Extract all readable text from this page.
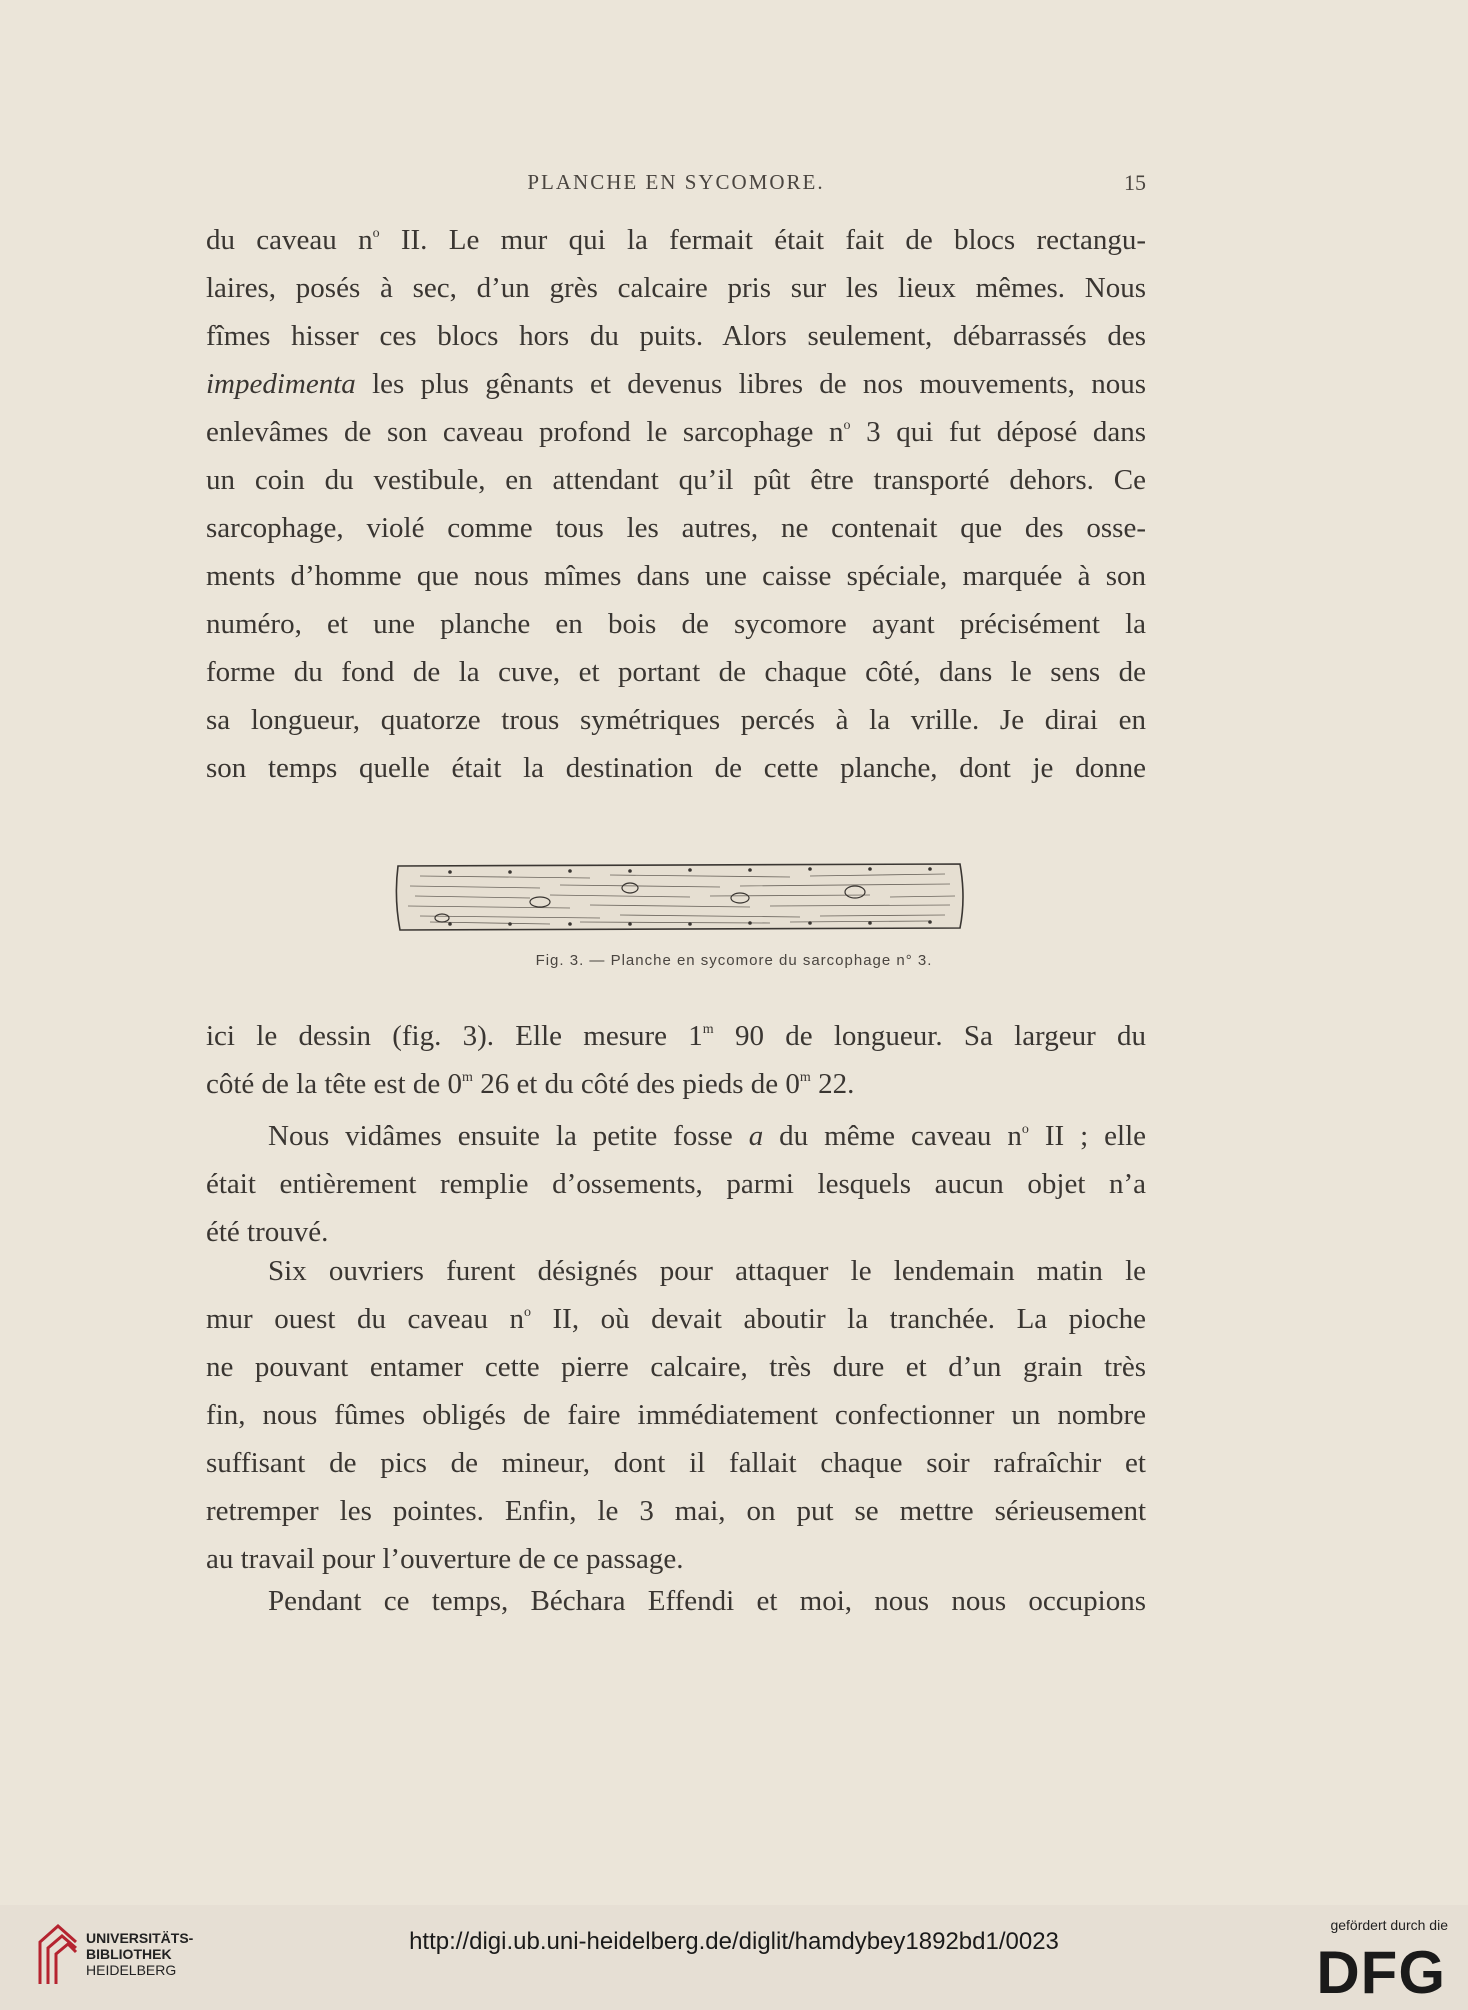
PLANCHE EN SYCOMORE.	15
du caveau $n^o$ II. Le mur qui la fermait était fait de blocs rectangu-
laires, posés à sec, d’un grès calcaire pris sur les lieux mêmes. Nous
fîmes hisser ces blocs hors du puits. Alors seulement, débarrassés des
impedimenta les plus gênants et devenus libres de nos mouvements, nous
enlevâmes de son caveau profond le sarcophage $n^o$ 3 qui fut déposé dans
un coin du vestibule, en attendant qu’il pût être transporté dehors. Ce
sarcophage, violé comme tous les autres, ne contenait que des osse-
ments d’homme que nous mîmes dans une caisse spéciale, marquée à son
numéro, et une planche en bois de sycomore ayant précisément la
forme du fond de la cuve, et portant de chaque côté, dans le sens de
sa longueur, quatorze trous symétriques percés à la vrille. Je dirai en
son temps quelle était la destination de cette planche, dont je donne
Fig. 3. — Planche en sycomore du sarcophage n° 3.
ici le dessin (fig. 3). Elle mesure 1$^m$ 90 de longueur. Sa largeur du
côté de la tête est de 0$^m$ 26 et du côté des pieds de 0$^m$ 22.
Nous vidâmes ensuite la petite fosse a du même caveau $n^o$ II ; elle
était entièrement remplie d’ossements, parmi lesquels aucun objet n’a
été trouvé.
Six ouvriers furent désignés pour attaquer le lendemain matin le
mur ouest du caveau $n^o$ II, où devait aboutir la tranchée. La pioche
ne pouvant entamer cette pierre calcaire, très dure et d’un grain très
fin, nous fûmes obligés de faire immédiatement confectionner un nombre
suffisant de pics de mineur, dont il fallait chaque soir rafraîchir et
retremper les pointes. Enfin, le 3 mai, on put se mettre sérieusement
au travail pour l’ouverture de ce passage.
Pendant ce temps, Béchara Effendi et moi, nous nous occupions
UNIVERSITÄTS-
BIBLIOTHEK
HEIDELBERG
http://digi.ub.uni-heidelberg.de/diglit/hamdybey1892bd1/0023
gefördert durch die
DFG
